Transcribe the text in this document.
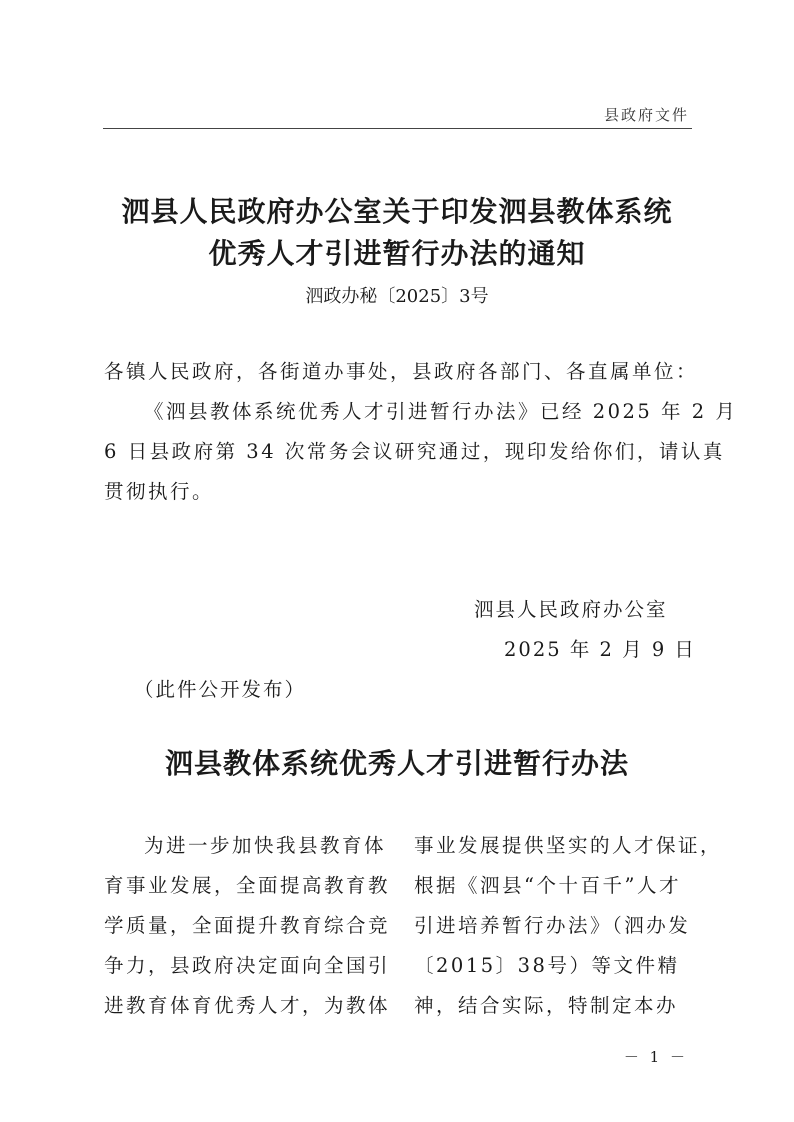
县政府文件
泗县人民政府办公室关于印发泗县教体系统
优秀人才引进暂行办法的通知
泗政办秘〔2025〕3号
各镇人民政府，各街道办事处，县政府各部门、各直属单位：
《泗县教体系统优秀人才引进暂行办法》已经 2025 年 2 月
6 日县政府第 34 次常务会议研究通过，现印发给你们，请认真
贯彻执行。
泗县人民政府办公室
2025 年 2 月 9 日
（此件公开发布）
泗县教体系统优秀人才引进暂行办法
为进一步加快我县教育体
育事业发展，全面提高教育教
学质量，全面提升教育综合竞
争力，县政府决定面向全国引
进教育体育优秀人才，为教体
事业发展提供坚实的人才保证，
根据《泗县“个十百千”人才
引进培养暂行办法》（泗办发
〔2015〕38号）等文件精
神，结合实际，特制定本办
－ 1 －
